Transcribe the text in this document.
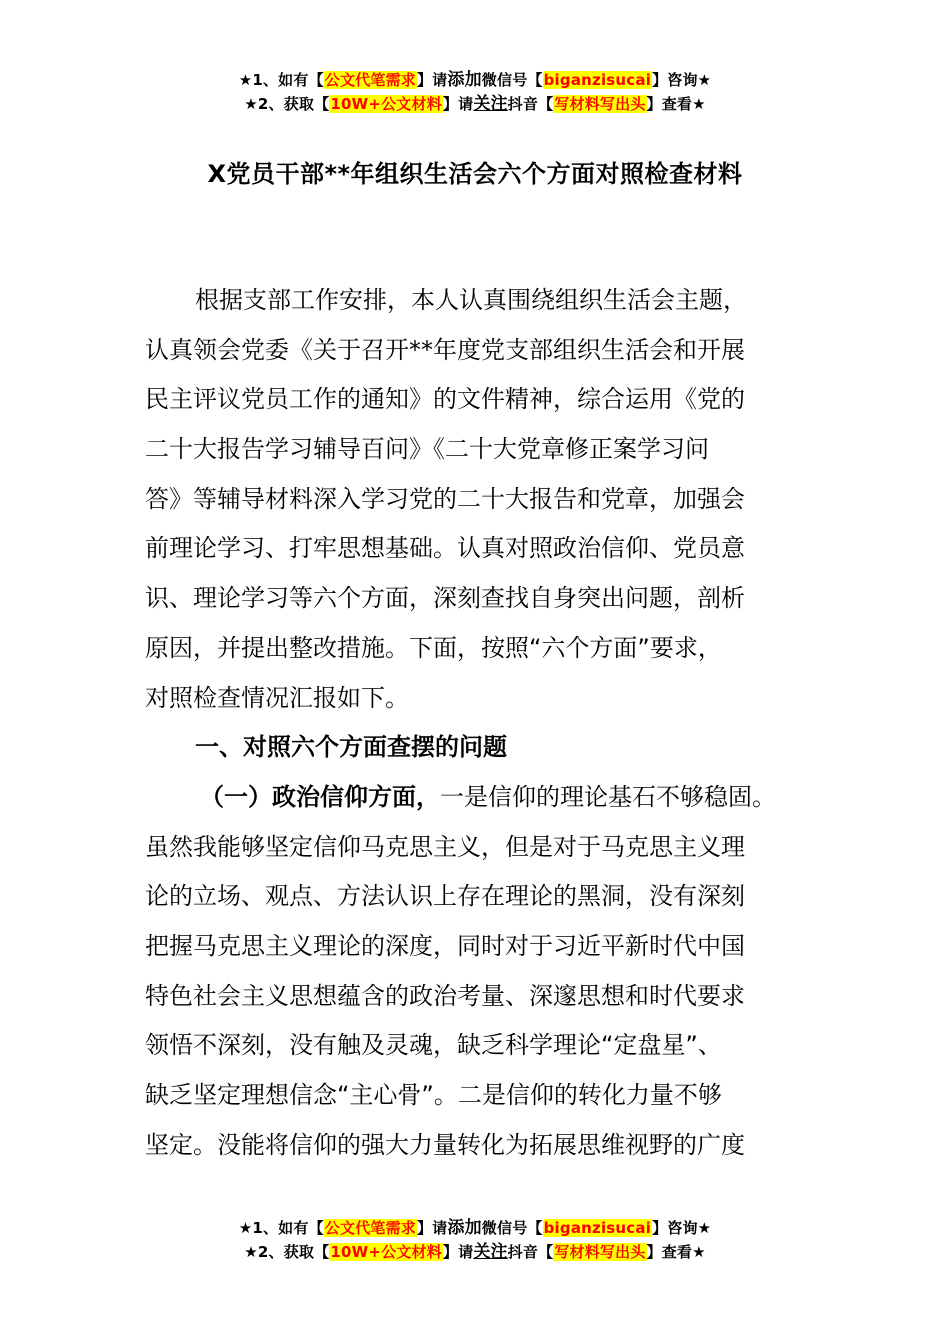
★1、如有【公文代笔需求】请添加微信号【biganzisucai】咨询★
★2、获取【10W+公文材料】请关注抖音【写材料写出头】查看★
X党员干部**年组织生活会六个方面对照检查材料
根据支部工作安排，本人认真围绕组织生活会主题，
认真领会党委《关于召开**年度党支部组织生活会和开展
民主评议党员工作的通知》的文件精神，综合运用《党的
二十大报告学习辅导百问》《二十大党章修正案学习问
答》等辅导材料深入学习党的二十大报告和党章，加强会
前理论学习、打牢思想基础。认真对照政治信仰、党员意
识、理论学习等六个方面，深刻查找自身突出问题，剖析
原因，并提出整改措施。下面，按照“六个方面”要求，
对照检查情况汇报如下。
一、对照六个方面查摆的问题
（一）政治信仰方面，一是信仰的理论基石不够稳固。
虽然我能够坚定信仰马克思主义，但是对于马克思主义理
论的立场、观点、方法认识上存在理论的黑洞，没有深刻
把握马克思主义理论的深度，同时对于习近平新时代中国
特色社会主义思想蕴含的政治考量、深邃思想和时代要求
领悟不深刻，没有触及灵魂，缺乏科学理论“定盘星”、
缺乏坚定理想信念“主心骨”。二是信仰的转化力量不够
坚定。没能将信仰的强大力量转化为拓展思维视野的广度
★1、如有【公文代笔需求】请添加微信号【biganzisucai】咨询★
★2、获取【10W+公文材料】请关注抖音【写材料写出头】查看★
